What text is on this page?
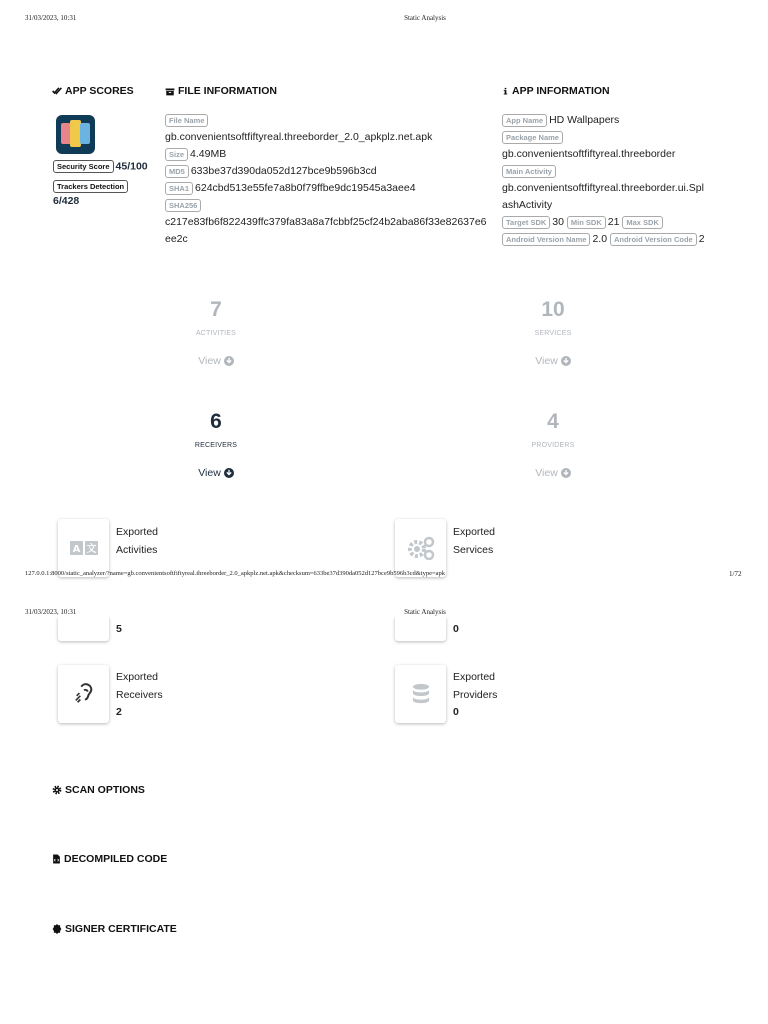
31/03/2023, 10:31	Static Analysis
APP SCORES
Security Score 45/100
Trackers Detection
6/428
FILE INFORMATION
File Name
gb.convenientsoftfiftyreal.threeborder_2.0_apkplz.net.apk
Size 4.49MB
MD5 633be37d390da052d127bce9b596b3cd
SHA1 624cbd513e55fe7a8b0f79ffbe9dc19545a3aee4
SHA256
c217e83fb6f822439ffc379fa83a8a7fcbbf25cf24b2aba86f33e82637e6
ee2c
APP INFORMATION
App Name HD Wallpapers
Package Name
gb.convenientsoftfiftyreal.threeborder
Main Activity
gb.convenientsoftfiftyreal.threeborder.ui.Spl
ashActivity
Target SDK 30 Min SDK 21 Max SDK
Android Version Name 2.0 Android Version Code 2
7
ACTIVITIES
View
10
SERVICES
View
6
RECEIVERS
View
4
PROVIDERS
View
A 文
Exported
Activities
Exported
Services
127.0.0.1:8000/static_analyzer/?name=gb.convenientsoftfiftyreal.threeborder_2.0_apkplz.net.apk&checksum=633be37d390da052d127bce9b596b3cd&type=apk	1/72
31/03/2023, 10:31	Static Analysis
5	0
Exported
Receivers
2
Exported
Providers
0
SCAN OPTIONS
DECOMPILED CODE
SIGNER CERTIFICATE
